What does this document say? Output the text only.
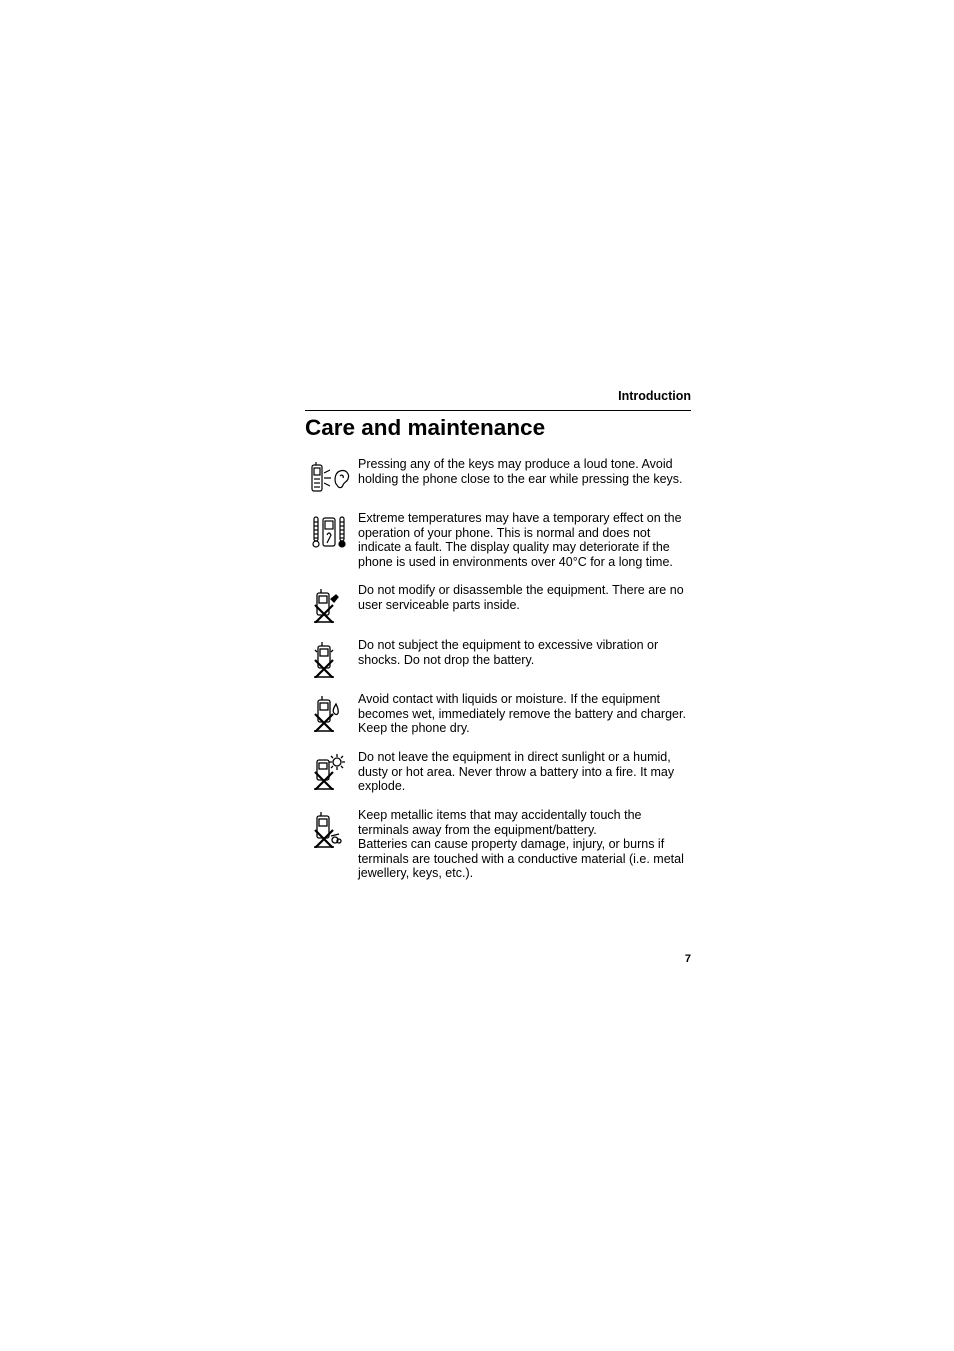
Introduction
Care and maintenance
Pressing any of the keys may produce a loud tone. Avoid holding the phone close to the ear while pressing the keys.
Extreme temperatures may have a temporary effect on the operation of your phone. This is normal and does not indicate a fault. The display quality may deteriorate if the phone is used in environments over 40°C for a long time.
Do not modify or disassemble the equipment. There are no user serviceable parts inside.
Do not subject the equipment to excessive vibration or shocks. Do not drop the battery.
Avoid contact with liquids or moisture. If the equipment becomes wet, immediately remove the battery and charger. Keep the phone dry.
Do not leave the equipment in direct sunlight or a humid, dusty or hot area. Never throw a battery into a fire. It may explode.
Keep metallic items that may accidentally touch the terminals away from the equipment/battery.
Batteries can cause property damage, injury, or burns if terminals are touched with a conductive material (i.e. metal jewellery, keys, etc.).
7
